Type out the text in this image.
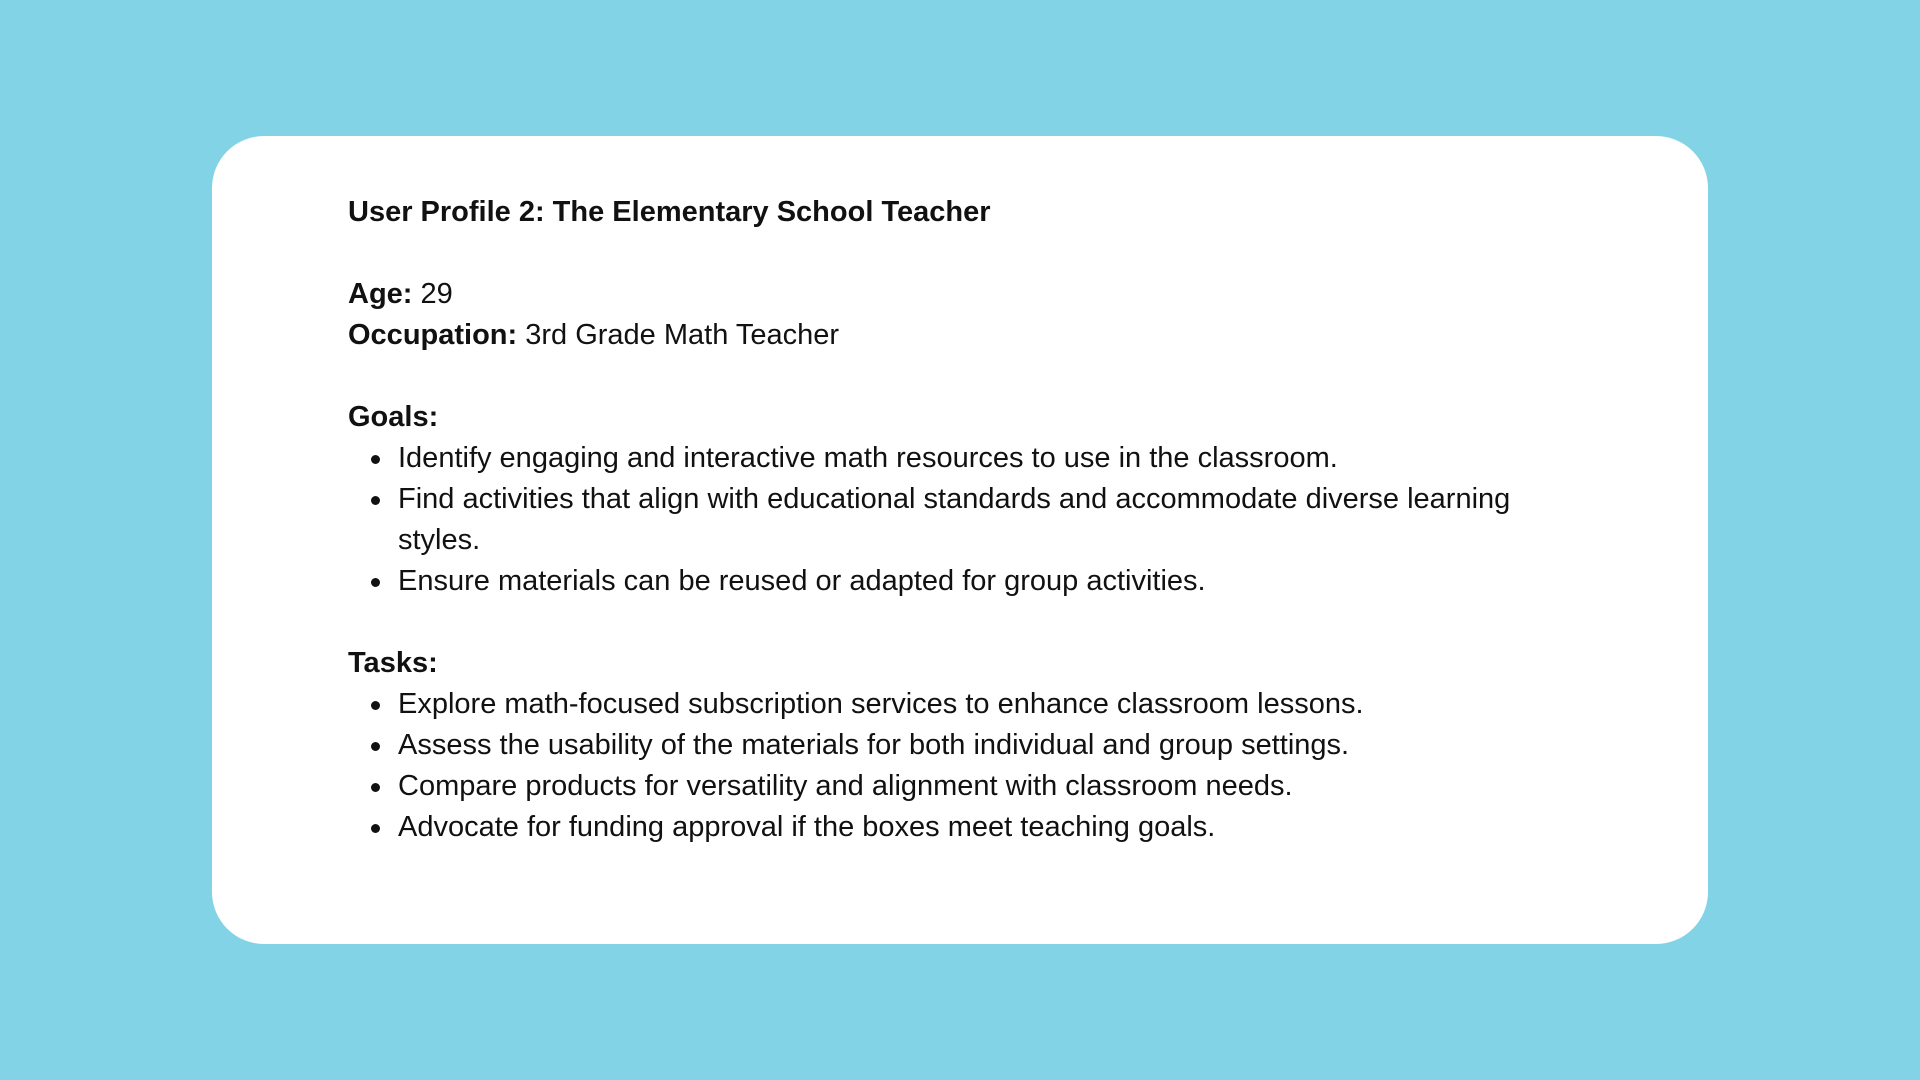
User Profile 2: The Elementary School Teacher

Age: 29

Occupation: 3rd Grade Math Teacher

Goals:

Identify engaging and interactive math resources to use in the classroom.
Find activities that align with educational standards and accommodate diverse learning styles.
Ensure materials can be reused or adapted for group activities.

Tasks:

Explore math-focused subscription services to enhance classroom lessons.
Assess the usability of the materials for both individual and group settings.
Compare products for versatility and alignment with classroom needs.
Advocate for funding approval if the boxes meet teaching goals.
